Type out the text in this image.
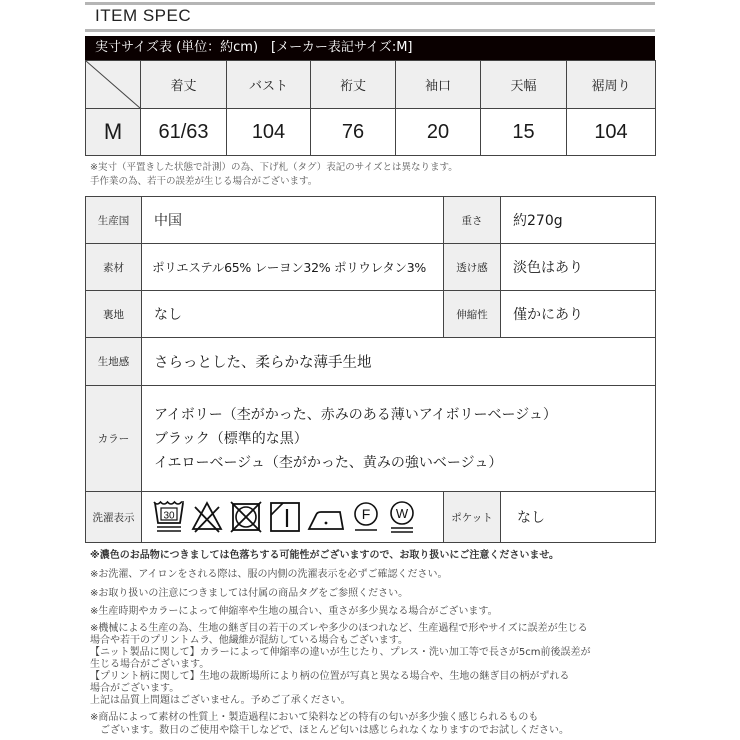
ITEM SPEC
実寸サイズ表 (単位：約cm)　[メーカー表記サイズ:M]
	着丈	バスト	裄丈	袖口	天幅	裾周り
M	61/63	104	76	20	15	104
※実寸（平置きした状態で計測）の為、下げ札（タグ）表記のサイズとは異なります。
手作業の為、若干の誤差が生じる場合がございます。
生産国	中国	重さ	約270g
素材	ポリエステル65% レーヨン32% ポリウレタン3%	透け感	淡色はあり
裏地	なし	伸縮性	僅かにあり
生地感	さらっとした、柔らかな薄手生地		
カラー	アイボリー（杢がかった、赤みのある薄いアイボリーベージュ）
ブラック（標準的な黒）
イエローベージュ（杢がかった、黄みの強いベージュ）		

洗濯表示	30 F W	ポケット	なし
※濃色のお品物につきましては色落ちする可能性がございますので、お取り扱いにご注意くださいませ。
※お洗濯、アイロンをされる際は、服の内側の洗濯表示を必ずご確認ください。
※お取り扱いの注意につきましては付属の商品タグをご参照ください。
※生産時期やカラーによって伸縮率や生地の風合い、重さが多少異なる場合がございます。
※機械による生産の為、生地の継ぎ目の若干のズレや多少のほつれなど、生産過程で形やサイズに誤差が生じる
場合や若干のプリントムラ、他繊維が混紡している場合もございます。
【ニット製品に関して】カラーによって伸縮率の違いが生じたり、プレス・洗い加工等で長さが5cm前後誤差が
生じる場合がございます。
【プリント柄に関して】生地の裁断場所により柄の位置が写真と異なる場合や、生地の継ぎ目の柄がずれる
場合がございます。
上記は品質上問題はございません。予めご了承ください。
※商品によって素材の性質上・製造過程において染料などの特有の匂いが多少強く感じられるものも
　ございます。数日のご使用や陰干しなどで、ほとんど匂いは感じられなくなりますのでお試しください。
